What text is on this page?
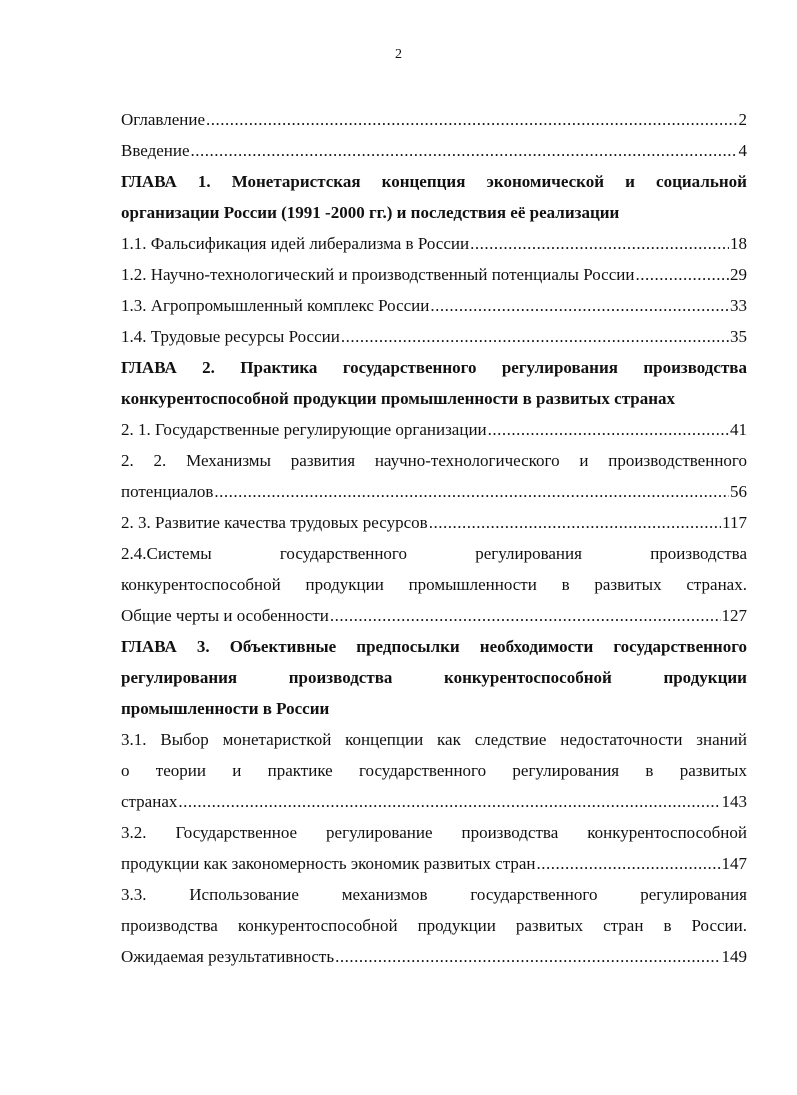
2
Оглавление .....	2
Введение .....	4
ГЛАВА 1. Монетаристская концепция экономической и социальной
организации России (1991 -2000 гг.) и последствия её реализации
1.1. Фальсификация идей либерализма в России .....	18
1.2. Научно-технологический и производственный потенциалы России .....	29
1.3. Агропромышленный комплекс России .....	33
1.4. Трудовые ресурсы России .....	35
ГЛАВА 2. Практика государственного регулирования производства
конкурентоспособной продукции промышленности в развитых странах
2. 1. Государственные регулирующие организации .....	41
2. 2. Механизмы развития научно-технологического и производственного
потенциалов .....	56
2. 3. Развитие качества трудовых ресурсов .....	117
2.4.Системы	государственного	регулирования	производства
конкурентоспособной продукции промышленности в развитых странах.
Общие черты и особенности .....	127
ГЛАВА 3. Объективные предпосылки необходимости государственного
регулирования	производства	конкурентоспособной	продукции
промышленности в России
3.1. Выбор монетаристкой концепции как следствие недостаточности знаний
о теории и практике государственного регулирования в развитых
странах .....	143
3.2. Государственное регулирование производства конкурентоспособной
продукции как закономерность экономик развитых стран .....	147
3.3.	Использование	механизмов	государственного	регулирования
производства конкурентоспособной продукции развитых стран в России.
Ожидаемая результативность .....	149
